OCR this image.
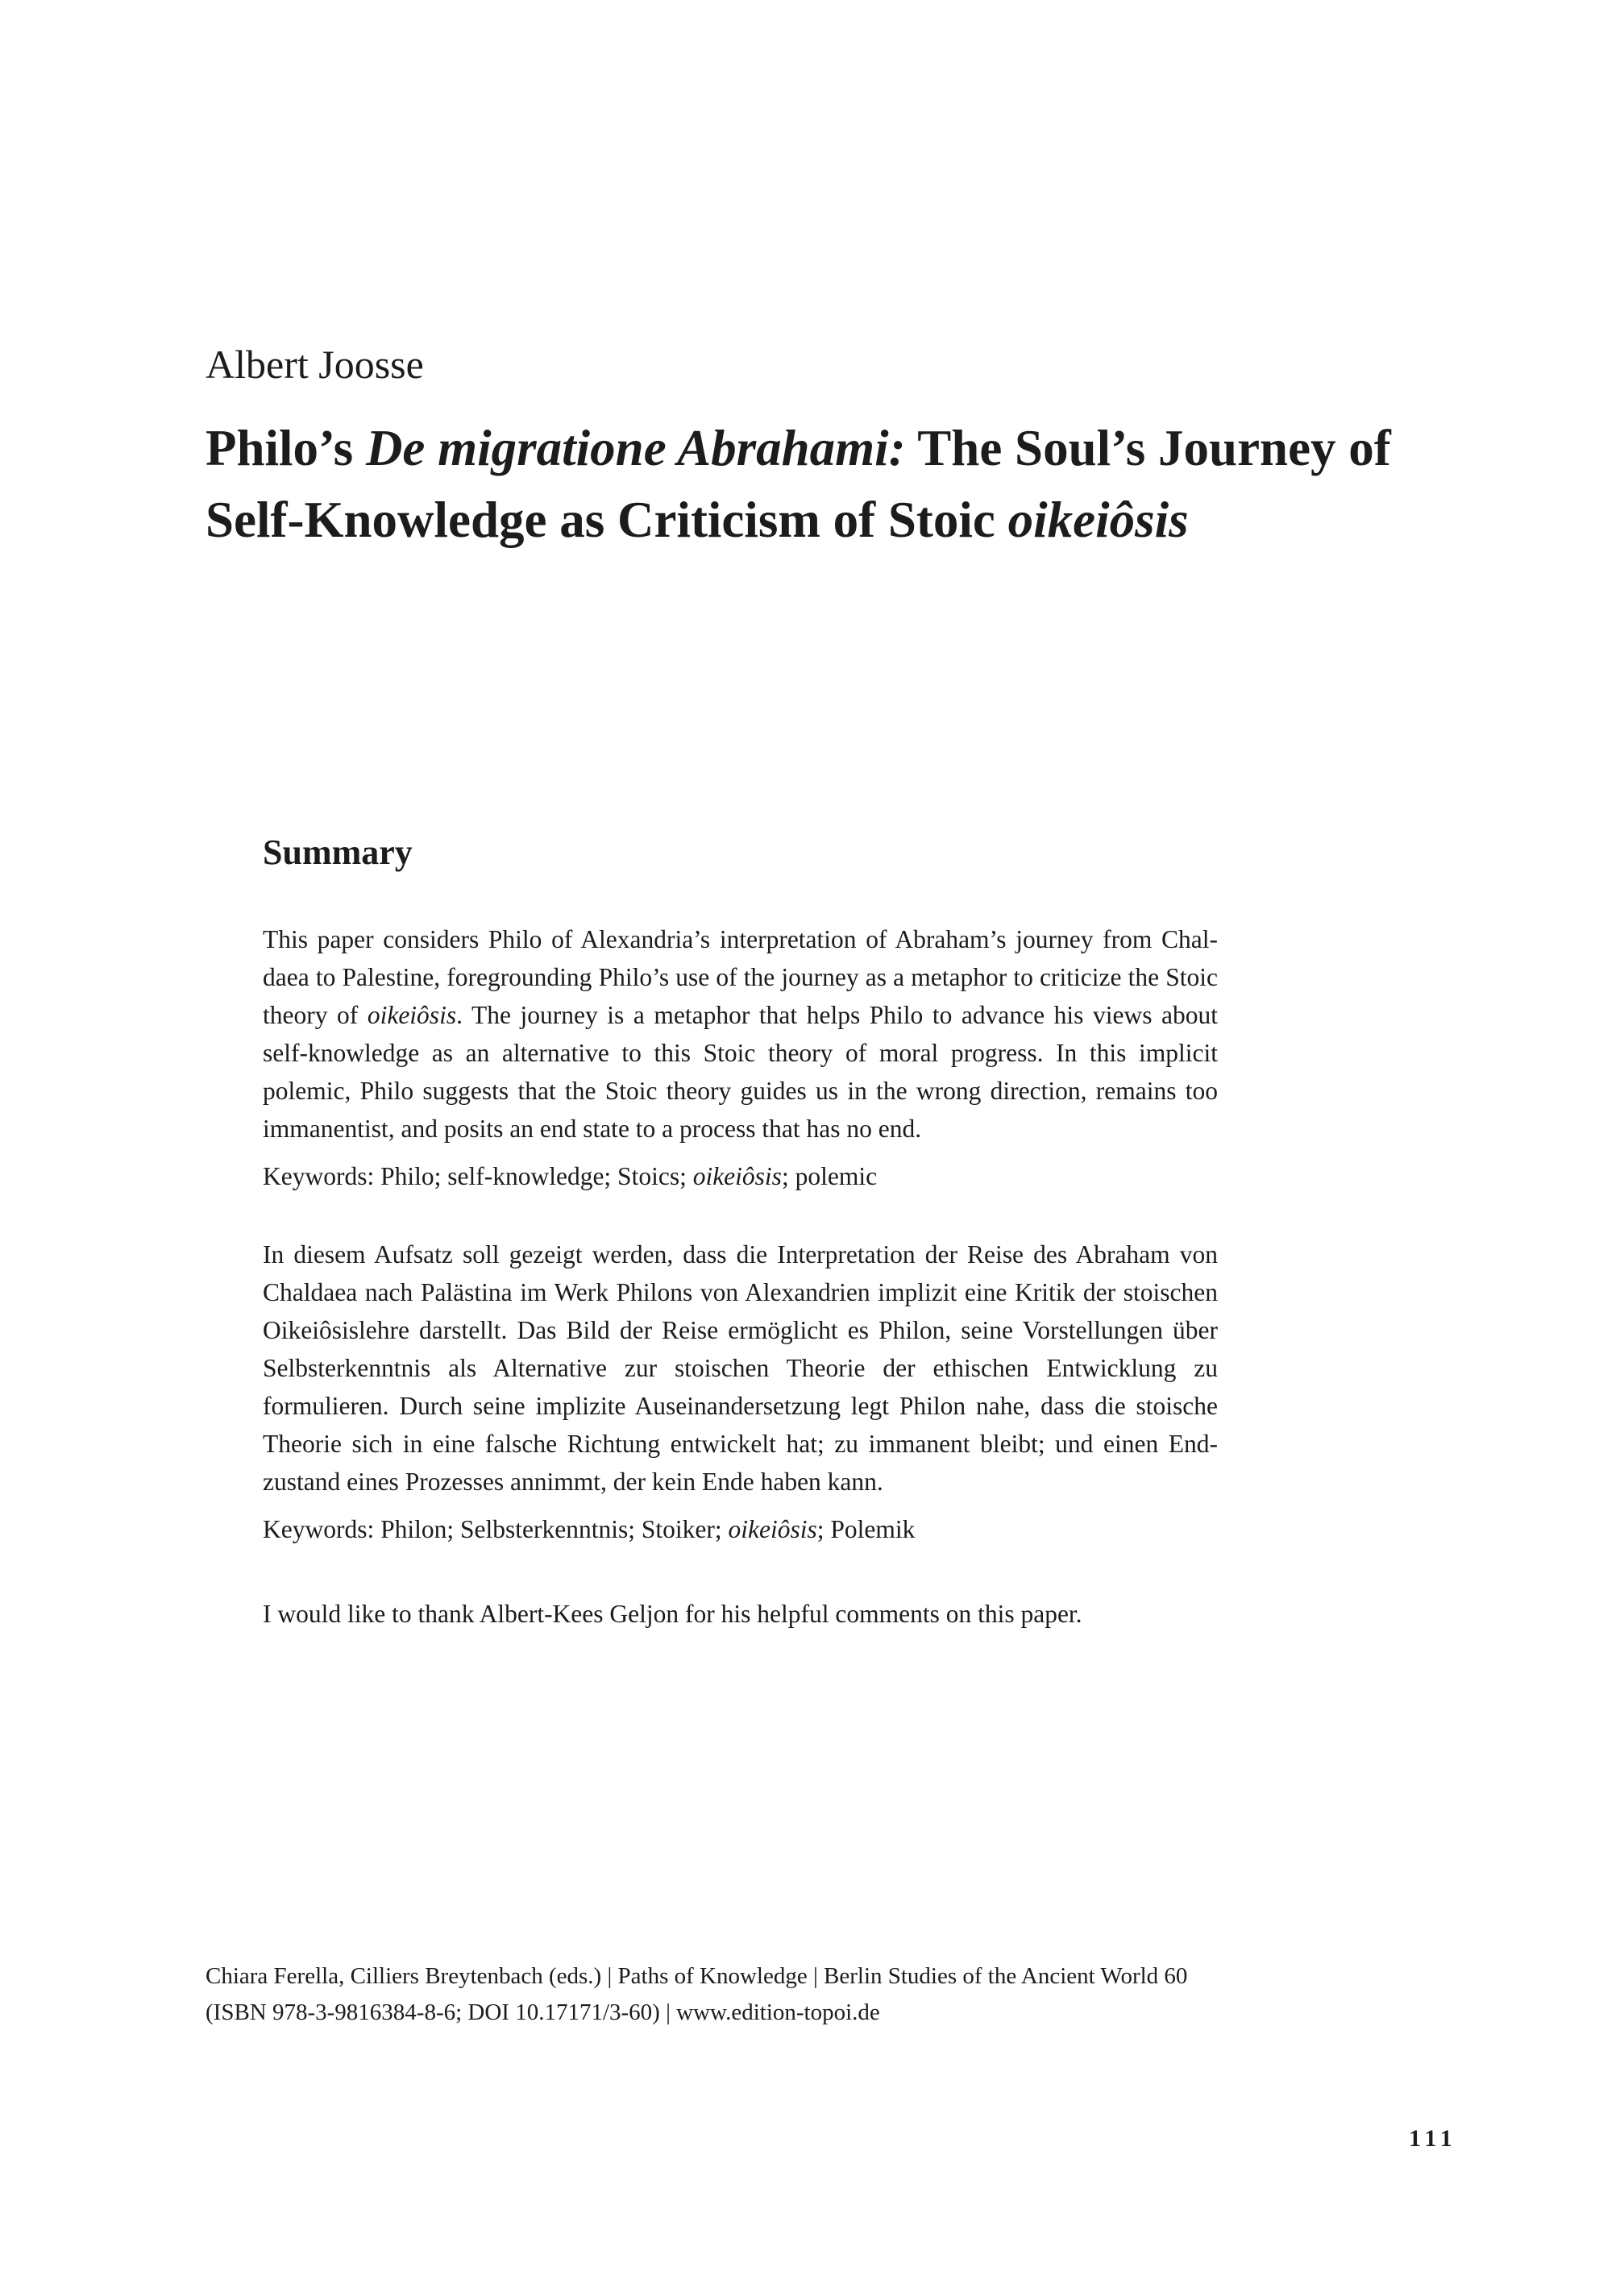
Albert Joosse
Philo’s De migratione Abrahami: The Soul’s Journey of Self-Knowledge as Criticism of Stoic oikeiôsis
Summary

This paper considers Philo of Alexandria’s interpretation of Abraham’s journey from Chaldaea to Palestine, foregrounding Philo’s use of the journey as a metaphor to criticize the Stoic theory of oikeiôsis. The journey is a metaphor that helps Philo to advance his views about self-knowledge as an alternative to this Stoic theory of moral progress. In this implicit polemic, Philo suggests that the Stoic theory guides us in the wrong direction, remains too immanentist, and posits an end state to a process that has no end.

Keywords: Philo; self-knowledge; Stoics; oikeiôsis; polemic

In diesem Aufsatz soll gezeigt werden, dass die Interpretation der Reise des Abraham von Chaldaea nach Palästina im Werk Philons von Alexandrien implizit eine Kritik der stoischen Oikeiôsislehre darstellt. Das Bild der Reise ermöglicht es Philon, seine Vorstellungen über Selbsterkenntnis als Alternative zur stoischen Theorie der ethischen Entwicklung zu formulieren. Durch seine implizite Auseinandersetzung legt Philon nahe, dass die stoische Theorie sich in eine falsche Richtung entwickelt hat; zu immanent bleibt; und einen Endzustand eines Prozesses annimmt, der kein Ende haben kann.

Keywords: Philon; Selbsterkenntnis; Stoiker; oikeiôsis; Polemik

I would like to thank Albert-Kees Geljon for his helpful comments on this paper.

Chiara Ferella, Cilliers Breytenbach (eds.) | Paths of Knowledge | Berlin Studies of the Ancient World 60
(ISBN 978-3-9816384-8-6; DOI 10.17171/3-60) | www.edition-topoi.de
111
